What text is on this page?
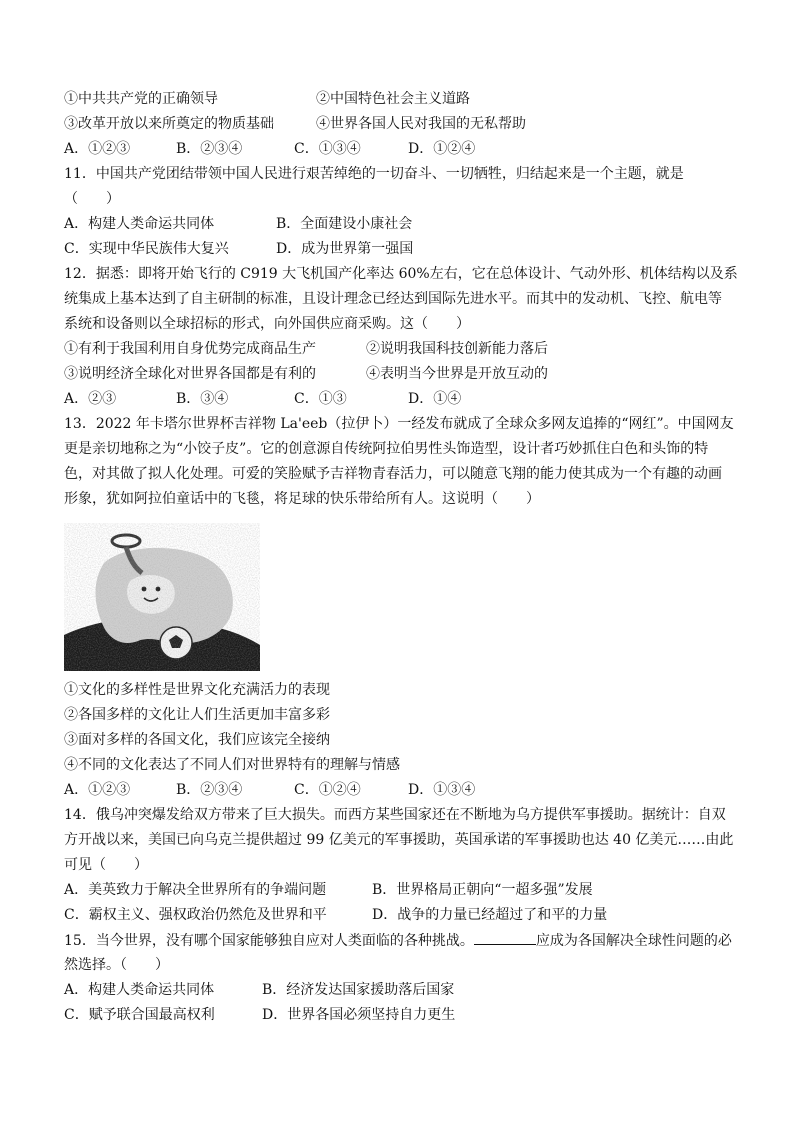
①中共共产党的正确领导	②中国特色社会主义道路
③改革开放以来所奠定的物质基础	④世界各国人民对我国的无私帮助
A．①②③	B．②③④	C．①③④	D．①②④
11．中国共产党团结带领中国人民进行艰苦绰绝的一切奋斗、一切牺牲，归结起来是一个主题，就是
（　　）
A．构建人类命运共同体	B．全面建设小康社会
C．实现中华民族伟大复兴	D．成为世界第一强国
12．据悉：即将开始飞行的 C919 大飞机国产化率达 60%左右，它在总体设计、气动外形、机体结构以及系
统集成上基本达到了自主研制的标准，且设计理念已经达到国际先进水平。而其中的发动机、飞控、航电等
系统和设备则以全球招标的形式，向外国供应商采购。这（　　）
①有利于我国利用自身优势完成商品生产	②说明我国科技创新能力落后
③说明经济全球化对世界各国都是有利的	④表明当今世界是开放互动的
A．②③	B．③④	C．①③	D．①④
13．2022 年卡塔尔世界杯吉祥物 La'eeb（拉伊卜）一经发布就成了全球众多网友追捧的“网红”。中国网友
更是亲切地称之为“小饺子皮”。它的创意源自传统阿拉伯男性头饰造型，设计者巧妙抓住白色和头饰的特
色，对其做了拟人化处理。可爱的笑脸赋予吉祥物青春活力，可以随意飞翔的能力使其成为一个有趣的动画
形象，犹如阿拉伯童话中的飞毯，将足球的快乐带给所有人。这说明（　　）
①文化的多样性是世界文化充满活力的表现
②各国多样的文化让人们生活更加丰富多彩
③面对多样的各国文化，我们应该完全接纳
④不同的文化表达了不同人们对世界特有的理解与情感
A．①②③	B．②③④	C．①②④	D．①③④
14．俄乌冲突爆发给双方带来了巨大损失。而西方某些国家还在不断地为乌方提供军事援助。据统计：自双
方开战以来，美国已向乌克兰提供超过 99 亿美元的军事援助，英国承诺的军事援助也达 40 亿美元……由此
可见（　　）
A．美英致力于解决全世界所有的争端问题	B．世界格局正朝向“一超多强”发展
C．霸权主义、强权政治仍然危及世界和平	D．战争的力量已经超过了和平的力量
15．当今世界，没有哪个国家能够独自应对人类面临的各种挑战。	应成为各国解决全球性问题的必
然选择。（　　）
A．构建人类命运共同体	B．经济发达国家援助落后国家
C．赋予联合国最高权利	D．世界各国必须坚持自力更生
